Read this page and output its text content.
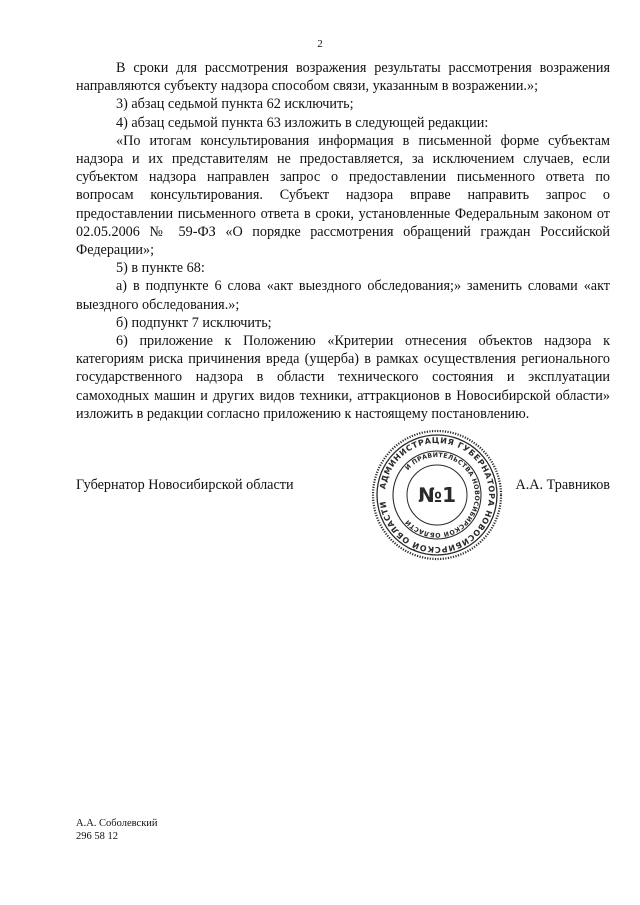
2

В сроки для рассмотрения возражения результаты рассмотрения возражения направляются субъекту надзора способом связи, указанным в возражении.»;

3) абзац седьмой пункта 62 исключить;

4) абзац седьмой пункта 63 изложить в следующей редакции:

«По итогам консультирования информация в письменной форме субъектам надзора и их представителям не предоставляется, за исключением случаев, если субъектом надзора направлен запрос о предоставлении письменного ответа по вопросам консультирования. Субъект надзора вправе направить запрос о предоставлении письменного ответа в сроки, установленные Федеральным законом от 02.05.2006 № 59-ФЗ «О порядке рассмотрения обращений граждан Российской Федерации»;

5) в пункте 68:

а) в подпункте 6 слова «акт выездного обследования;» заменить словами «акт выездного обследования.»;

б) подпункт 7 исключить;

6) приложение к Положению «Критерии отнесения объектов надзора к категориям риска причинения вреда (ущерба) в рамках осуществления регионального государственного надзора в области технического состояния и эксплуатации самоходных машин и других видов техники, аттракционов в Новосибирской области» изложить в редакции согласно приложению к настоящему постановлению.

Губернатор Новосибирской области	А.А. Травников
АДМИНИСТРАЦИЯ ГУБЕРНАТОРА НОВОСИБИРСКОЙ ОБЛАСТИ
И ПРАВИТЕЛЬСТВА НОВОСИБИРСКОЙ ОБЛАСТИ
№1
А.А. Соболевский
296 58 12
